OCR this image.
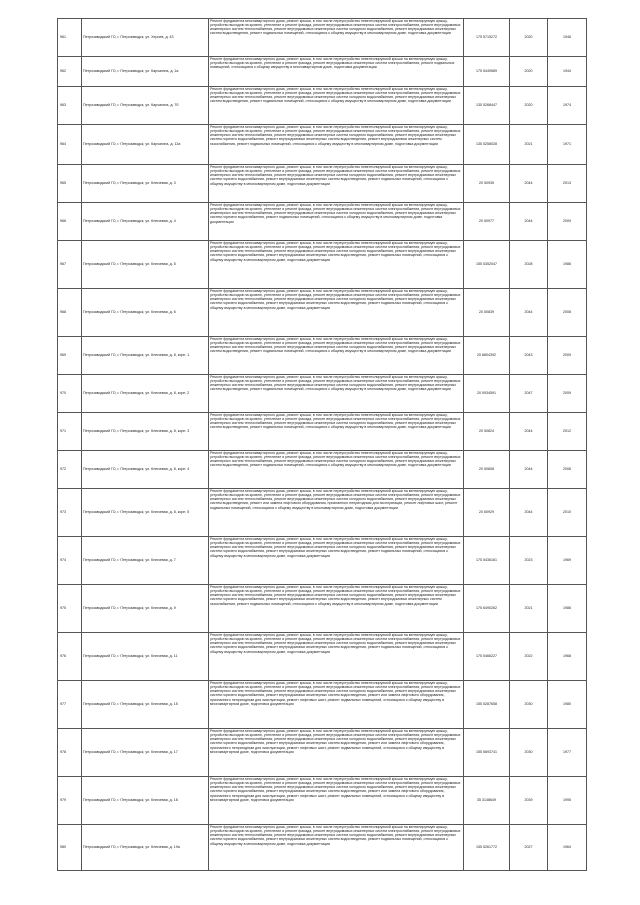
961	Петрозаводский ГО, г. Петрозаводск, ул. Хероев, д. 43	Ремонт фундамента многоквартирного дома, ремонт крыши, в том числе переустройство невентилируемой крыши на вентилируемую крышу, устройство выходов на кровлю, утепление и ремонт фасада, ремонт внутридомовых инженерных систем электроснабжения, ремонт внутридомовых инженерных систем теплоснабжения, ремонт внутридомовых инженерных систем холодного водоснабжения, ремонт внутридомовых инженерных систем водоотведения, ремонт подвальных помещений, относящихся к общему имуществу в многоквартирном доме, подготовка документации	175 5715272	2020	1946
962	Петрозаводский ГО, г. Петрозаводск, ул. Карчагина, д. 1а	Ремонт фундамента многоквартирного дома, ремонт крыши, в том числе переустройство невентилируемой крыши на вентилируемую крышу, устройство выходов на кровлю, утепление и ремонт фасада, ремонт внутридомовых инженерных систем электроснабжения, ремонт подвальных помещений, относящихся к общему имуществу в многоквартирном доме, подготовка документации	175 5449589	2020	1944
963	Петрозаводский ГО, г. Петрозаводск, ул. Карчагина, д. 7б	Ремонт фундамента многоквартирного дома, ремонт крыши, в том числе переустройство невентилируемой крыши на вентилируемую крышу, устройство выходов на кровлю, утепление и ремонт фасада, ремонт внутридомовых инженерных систем электроснабжения, ремонт внутридомовых инженерных систем теплоснабжения, ремонт внутридомовых инженерных систем холодного водоснабжения, ремонт внутридомовых инженерных систем водоотведения, ремонт подвальных помещений, относящихся к общему имуществу в многоквартирном доме, подготовка документации	135 5268447	2020	1974
964	Петрозаводский ГО, г. Петрозаводск, ул. Карчагина, д. 12а	Ремонт фундамента многоквартирного дома, ремонт крыши, в том числе переустройство невентилируемой крыши на вентилируемую крышу, устройство выходов на кровлю, утепление и ремонт фасада, ремонт внутридомовых инженерных систем электроснабжения, ремонт внутридомовых инженерных систем теплоснабжения, ремонт внутридомовых инженерных систем холодного водоснабжения, ремонт внутридомовых инженерных систем горячего водоснабжения, ремонт внутридомовых инженерных систем водоотведения, ремонт внутридомовых инженерных систем газоснабжения, ремонт подвальных помещений, относящихся к общему имуществу в многоквартирном доме, подготовка документации	135 5258028	2021	1971
965	Петрозаводский ГО, г. Петрозаводск, ул. Ключевая, д. 3	Ремонт фундамента многоквартирного дома, ремонт крыши, в том числе переустройство невентилируемой крыши на вентилируемую крышу, устройство выходов на кровлю, утепление и ремонт фасада, ремонт внутридомовых инженерных систем электроснабжения, ремонт внутридомовых инженерных систем теплоснабжения, ремонт внутридомовых инженерных систем холодного водоснабжения, ремонт внутридомовых инженерных систем горячего водоснабжения, ремонт внутридомовых инженерных систем водоотведения, ремонт подвальных помещений, относящихся к общему имуществу в многоквартирном доме, подготовка документации	20 50935	2044	2013
966	Петрозаводский ГО, г. Петрозаводск, ул. Ключевая, д. 4	Ремонт фундамента многоквартирного дома, ремонт крыши, в том числе переустройство невентилируемой крыши на вентилируемую крышу, устройство выходов на кровлю, утепление и ремонт фасада, ремонт внутридомовых инженерных систем электроснабжения, ремонт внутридомовых инженерных систем теплоснабжения, ремонт внутридомовых инженерных систем холодного водоснабжения, ремонт внутридомовых инженерных систем горячего водоснабжения, ремонт подвальных помещений, относящихся к общему имуществу в многоквартирном доме, подготовка документации	20 50977	2044	2009
967	Петрозаводский ГО, г. Петрозаводск, ул. Ключевая, д. 5	Ремонт фундамента многоквартирного дома, ремонт крыши, в том числе переустройство невентилируемой крыши на вентилируемую крышу, устройство выходов на кровлю, утепление и ремонт фасада, ремонт внутридомовых инженерных систем электроснабжения, ремонт внутридомовых инженерных систем теплоснабжения, ремонт внутридомовых инженерных систем холодного водоснабжения, ремонт внутридомовых инженерных систем горячего водоснабжения, ремонт внутридомовых инженерных систем водоотведения, ремонт подвальных помещений, относящихся к общему имуществу в многоквартирном доме, подготовка документации	155 5352047	2028	1986
968	Петрозаводский ГО, г. Петрозаводск, ул. Ключевая, д. 6	Ремонт фундамента многоквартирного дома, ремонт крыши, в том числе переустройство невентилируемой крыши на вентилируемую крышу, устройство выходов на кровлю, утепление и ремонт фасада, ремонт внутридомовых инженерных систем электроснабжения, ремонт внутридомовых инженерных систем теплоснабжения, ремонт внутридомовых инженерных систем холодного водоснабжения, ремонт внутридомовых инженерных систем горячего водоснабжения, ремонт внутридомовых инженерных систем водоотведения, ремонт подвальных помещений, относящихся к общему имуществу в многоквартирном доме, подготовка документации	20 50839	2044	2008
969	Петрозаводский ГО, г. Петрозаводск, ул. Ключевая, д. 8, корп. 1	Ремонт фундамента многоквартирного дома, ремонт крыши, в том числе переустройство невентилируемой крыши на вентилируемую крышу, устройство выходов на кровлю, утепление и ремонт фасада, ремонт внутридомовых инженерных систем электроснабжения, ремонт внутридомовых инженерных систем теплоснабжения, ремонт внутридомовых инженерных систем холодного водоснабжения, ремонт внутридомовых инженерных систем водоотведения, ремонт подвальных помещений, относящихся к общему имуществу в многоквартирном доме, подготовка документации	20 6804392	2043	2009
970	Петрозаводский ГО, г. Петрозаводск, ул. Ключевая, д. 8, корп. 2	Ремонт фундамента многоквартирного дома, ремонт крыши, в том числе переустройство невентилируемой крыши на вентилируемую крышу, устройство выходов на кровлю, утепление и ремонт фасада, ремонт внутридомовых инженерных систем электроснабжения, ремонт внутридомовых инженерных систем теплоснабжения, ремонт внутридомовых инженерных систем холодного водоснабжения, ремонт внутридомовых инженерных систем водоотведения, ремонт подвальных помещений, относящихся к общему имуществу в многоквартирном доме, подготовка документации	20 0934591	2047	2009
971	Петрозаводский ГО, г. Петрозаводск, ул. Ключевая, д. 8, корп. 3	Ремонт фундамента многоквартирного дома, ремонт крыши, в том числе переустройство невентилируемой крыши на вентилируемую крышу, устройство выходов на кровлю, утепление и ремонт фасада, ремонт внутридомовых инженерных систем электроснабжения, ремонт внутридомовых инженерных систем теплоснабжения, ремонт внутридомовых инженерных систем холодного водоснабжения, ремонт внутридомовых инженерных систем водоотведения, ремонт подвальных помещений, относящихся к общему имуществу в многоквартирном доме, подготовка документации	20 50824	2044	2012
972	Петрозаводский ГО, г. Петрозаводск, ул. Ключевая, д. 8, корп. 4	Ремонт фундамента многоквартирного дома, ремонт крыши, в том числе переустройство невентилируемой крыши на вентилируемую крышу, устройство выходов на кровлю, утепление и ремонт фасада, ремонт внутридомовых инженерных систем электроснабжения, ремонт внутридомовых инженерных систем теплоснабжения, ремонт внутридомовых инженерных систем холодного водоснабжения, ремонт внутридомовых инженерных систем водоотведения, ремонт подвальных помещений, относящихся к общему имуществу в многоквартирном доме, подготовка документации	20 50808	2044	2006
973	Петрозаводский ГО, г. Петрозаводск, ул. Ключевая, д. 8, корп. 5	Ремонт фундамента многоквартирного дома, ремонт крыши, в том числе переустройство невентилируемой крыши на вентилируемую крышу, устройство выходов на кровлю, утепление и ремонт фасада, ремонт внутридомовых инженерных систем электроснабжения, ремонт внутридомовых инженерных систем теплоснабжения, ремонт внутридомовых инженерных систем холодного водоснабжения, ремонт внутридомовых инженерных систем водоотведения, ремонт или замена лифтового оборудования, признанного непригодным для эксплуатации, ремонт лифтовых шахт, ремонт подвальных помещений, относящихся к общему имуществу в многоквартирном доме, подготовка документации	20 60929	2044	2010
974	Петрозаводский ГО, г. Петрозаводск, ул. Ключевая, д. 7	Ремонт фундамента многоквартирного дома, ремонт крыши, в том числе переустройство невентилируемой крыши на вентилируемую крышу, устройство выходов на кровлю, утепление и ремонт фасада, ремонт внутридомовых инженерных систем электроснабжения, ремонт внутридомовых инженерных систем теплоснабжения, ремонт внутридомовых инженерных систем холодного водоснабжения, ремонт внутридомовых инженерных систем горячего водоснабжения, ремонт внутридомовых инженерных систем водоотведения, ремонт подвальных помещений, относящихся к общему имуществу в многоквартирном доме, подготовка документации	175 5436161	2023	1969
975	Петрозаводский ГО, г. Петрозаводск, ул. Ключевая, д. 9	Ремонт фундамента многоквартирного дома, ремонт крыши, в том числе переустройство невентилируемой крыши на вентилируемую крышу, устройство выходов на кровлю, утепление и ремонт фасада, ремонт внутридомовых инженерных систем электроснабжения, ремонт внутридомовых инженерных систем теплоснабжения, ремонт внутридомовых инженерных систем холодного водоснабжения, ремонт внутридомовых инженерных систем горячего водоснабжения, ремонт внутридомовых инженерных систем водоотведения, ремонт внутридомовых инженерных систем газоснабжения, ремонт подвальных помещений, относящихся к общему имуществу в многоквартирном доме, подготовка документации	175 6490262	2021	1986
976	Петрозаводский ГО, г. Петрозаводск, ул. Ключевая, д. 11	Ремонт фундамента многоквартирного дома, ремонт крыши, в том числе переустройство невентилируемой крыши на вентилируемую крышу, устройство выходов на кровлю, утепление и ремонт фасада, ремонт внутридомовых инженерных систем электроснабжения, ремонт внутридомовых инженерных систем теплоснабжения, ремонт внутридомовых инженерных систем холодного водоснабжения, ремонт внутридомовых инженерных систем горячего водоснабжения, ремонт внутридомовых инженерных систем водоотведения, ремонт подвальных помещений, относящихся к общему имуществу в многоквартирном доме, подготовка документации	175 5466227	2022	1968
977	Петрозаводский ГО, г. Петрозаводск, ул. Ключевая, д. 15	Ремонт фундамента многоквартирного дома, ремонт крыши, в том числе переустройство невентилируемой крыши на вентилируемую крышу, устройство выходов на кровлю, утепление и ремонт фасада, ремонт внутридомовых инженерных систем электроснабжения, ремонт внутридомовых инженерных систем теплоснабжения, ремонт внутридомовых инженерных систем холодного водоснабжения, ремонт внутридомовых инженерных систем горячего водоснабжения, ремонт внутридомовых инженерных систем водоотведения, ремонт или замена лифтового оборудования, признанного непригодным для эксплуатации, ремонт лифтовых шахт, ремонт подвальных помещений, относящихся к общему имуществу в многоквартирном доме, подготовка документации	155 5287658	2030	1980
978	Петрозаводский ГО, г. Петрозаводск, ул. Ключевая, д. 17	Ремонт фундамента многоквартирного дома, ремонт крыши, в том числе переустройство невентилируемой крыши на вентилируемую крышу, устройство выходов на кровлю, утепление и ремонт фасада, ремонт внутридомовых инженерных систем электроснабжения, ремонт внутридомовых инженерных систем теплоснабжения, ремонт внутридомовых инженерных систем холодного водоснабжения, ремонт внутридомовых инженерных систем горячего водоснабжения, ремонт внутридомовых инженерных систем водоотведения, ремонт или замена лифтового оборудования, признанного непригодным для эксплуатации, ремонт лифтовых шахт, ремонт подвальных помещений, относящихся к общему имуществу в многоквартирном доме, подготовка документации	155 5693741	2030	1977
979	Петрозаводский ГО, г. Петрозаводск, ул. Ключевая, д. 18	Ремонт фундамента многоквартирного дома, ремонт крыши, в том числе переустройство невентилируемой крыши на вентилируемую крышу, устройство выходов на кровлю, утепление и ремонт фасада, ремонт внутридомовых инженерных систем электроснабжения, ремонт внутридомовых инженерных систем теплоснабжения, ремонт внутридомовых инженерных систем холодного водоснабжения, ремонт внутридомовых инженерных систем горячего водоснабжения, ремонт внутридомовых инженерных систем водоотведения, ремонт или замена лифтового оборудования, признанного непригодным для эксплуатации, ремонт лифтовых шахт, ремонт подвальных помещений, относящихся к общему имуществу в многоквартирном доме, подготовка документации	35 3148649	2039	1995
980	Петрозаводский ГО, г. Петрозаводск, ул. Ключевая, д. 19а	Ремонт фундамента многоквартирного дома, ремонт крыши, в том числе переустройство невентилируемой крыши на вентилируемую крышу, устройство выходов на кровлю, утепление и ремонт фасада, ремонт внутридомовых инженерных систем электроснабжения, ремонт внутридомовых инженерных систем теплоснабжения, ремонт внутридомовых инженерных систем холодного водоснабжения, ремонт внутридомовых инженерных систем горячего водоснабжения, ремонт внутридомовых инженерных систем водоотведения, ремонт подвальных помещений, относящихся к общему имуществу в многоквартирном доме, подготовка документации	155 5261772	2027	1964
